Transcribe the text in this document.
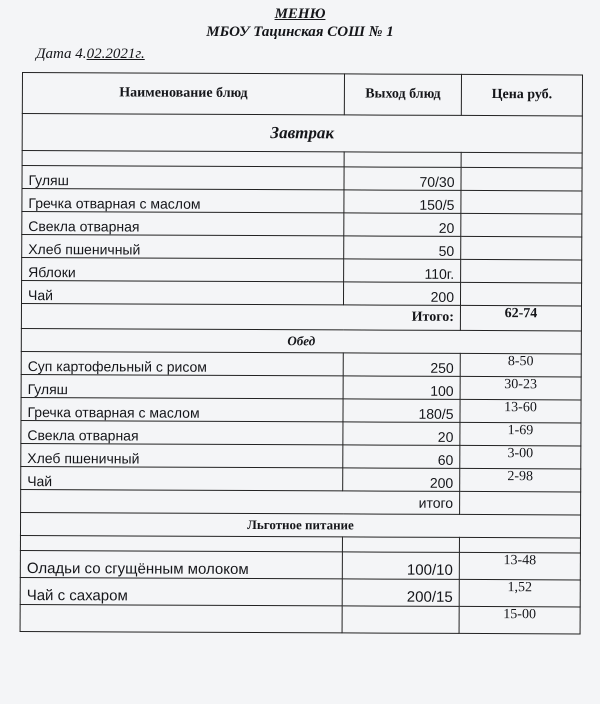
МЕНЮ
МБОУ Тацинская СОШ № 1
Дата 4.02.2021г.
Наименование блюд	Выход блюд	Цена руб.
Завтрак		

Гуляш	70/30	
Гречка отварная с маслом	150/5	
Свекла отварная	20	
Хлеб пшеничный	50	
Яблоки	110г.	
Чай	200	
Итого:		62-74
Обед		
Суп картофельный с рисом	250	8-50
Гуляш	100	30-23
Гречка отварная с маслом	180/5	13-60
Свекла отварная	20	1-69
Хлеб пшеничный	60	3-00
Чай	200	2-98
итого		
Льготное питание		

Оладьи со сгущённым молоком	100/10	13-48
Чай с сахаром	200/15	1,52
		15-00
